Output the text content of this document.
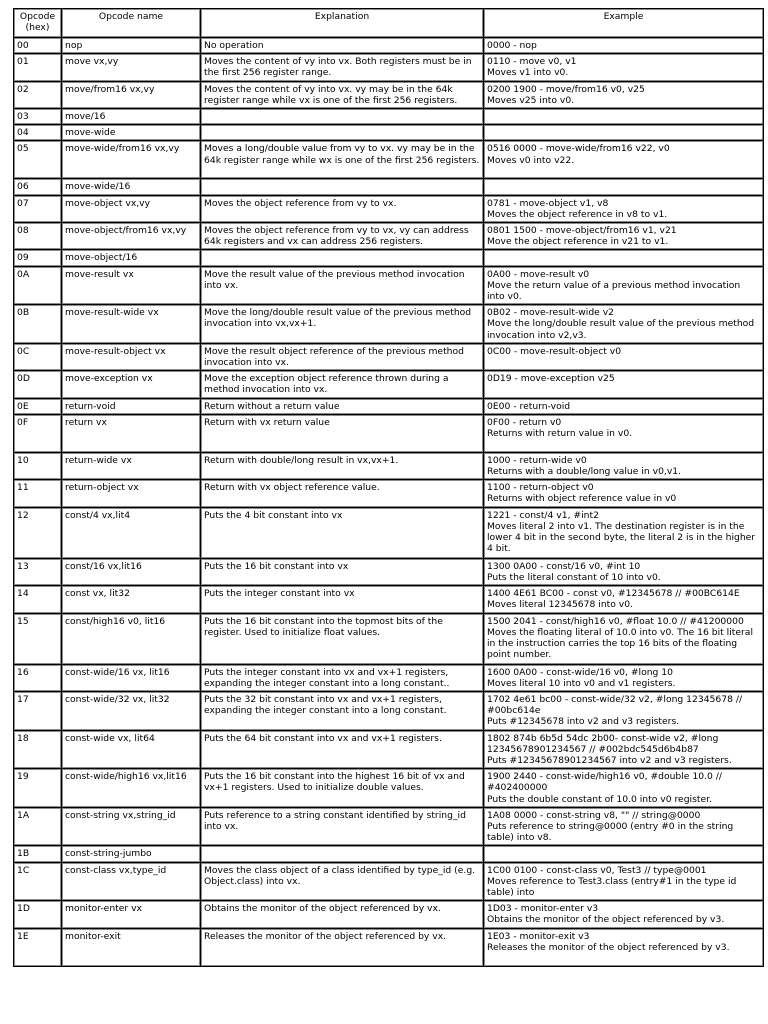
Opcode
(hex)	Opcode name	Explanation	Example

00	nop	No operation	0000 - nop

01	move vx,vy	Moves the content of vy into vx. Both registers must be in the first 256 register range.	0110 - move v0, v1
Moves v1 into v0.

02	move/from16 vx,vy	Moves the content of vy into vx. vy may be in the 64k register range while vx is one of the first 256 registers.	0200 1900 - move/from16 v0, v25
Moves v25 into v0.

03	move/16		

04	move-wide		

05	move-wide/from16 vx,vy	Moves a long/double value from vy to vx. vy may be in the 64k register range while wx is one of the first 256 registers.	0516 0000 - move-wide/from16 v22, v0
Moves v0 into v22.

06	move-wide/16		

07	move-object vx,vy	Moves the object reference from vy to vx.	0781 - move-object v1, v8
Moves the object reference in v8 to v1.

08	move-object/from16 vx,vy	Moves the object reference from vy to vx, vy can address 64k registers and vx can address 256 registers.	0801 1500 - move-object/from16 v1, v21
Move the object reference in v21 to v1.

09	move-object/16		

0A	move-result vx	Move the result value of the previous method invocation into vx.	0A00 - move-result v0
Move the return value of a previous method invocation into v0.

0B	move-result-wide vx	Move the long/double result value of the previous method invocation into vx,vx+1.	0B02 - move-result-wide v2
Move the long/double result value of the previous method invocation into v2,v3.

0C	move-result-object vx	Move the result object reference of the previous method invocation into vx.	0C00 - move-result-object v0

0D	move-exception vx	Move the exception object reference thrown during a method invocation into vx.	0D19 - move-exception v25

0E	return-void	Return without a return value	0E00 - return-void

0F	return vx	Return with vx return value	0F00 - return v0
Returns with return value in v0.

10	return-wide vx	Return with double/long result in vx,vx+1.	1000 - return-wide v0
Returns with a double/long value in v0,v1.

11	return-object vx	Return with vx object reference value.	1100 - return-object v0
Returns with object reference value in v0

12	const/4 vx,lit4	Puts the 4 bit constant into vx	1221 - const/4 v1, #int2
Moves literal 2 into v1. The destination register is in the lower 4 bit in the second byte, the literal 2 is in the higher 4 bit.

13	const/16 vx,lit16	Puts the 16 bit constant into vx	1300 0A00 - const/16 v0, #int 10
Puts the literal constant of 10 into v0.

14	const vx, lit32	Puts the integer constant into vx	1400 4E61 BC00 - const v0, #12345678 // #00BC614E
Moves literal 12345678 into v0.

15	const/high16 v0, lit16	Puts the 16 bit constant into the topmost bits of the register. Used to initialize float values.	1500 2041 - const/high16 v0, #float 10.0 // #41200000
Moves the floating literal of 10.0 into v0. The 16 bit literal in the instruction carries the top 16 bits of the floating point number.

16	const-wide/16 vx, lit16	Puts the integer constant into vx and vx+1 registers, expanding the integer constant into a long constant..	1600 0A00 - const-wide/16 v0, #long 10
Moves literal 10 into v0 and v1 registers.

17	const-wide/32 vx, lit32	Puts the 32 bit constant into vx and vx+1 registers, expanding the integer constant into a long constant.	1702 4e61 bc00 - const-wide/32 v2, #long 12345678 // #00bc614e
Puts #12345678 into v2 and v3 registers.

18	const-wide vx, lit64	Puts the 64 bit constant into vx and vx+1 registers.	1802 874b 6b5d 54dc 2b00- const-wide v2, #long 12345678901234567 // #002bdc545d6b4b87
Puts #12345678901234567 into v2 and v3 registers.

19	const-wide/high16 vx,lit16	Puts the 16 bit constant into the highest 16 bit of vx and vx+1 registers. Used to initialize double values.	1900 2440 - const-wide/high16 v0, #double 10.0 // #402400000
Puts the double constant of 10.0 into v0 register.

1A	const-string vx,string_id	Puts reference to a string constant identified by string_id into vx.	1A08 0000 - const-string v8, "" // string@0000
Puts reference to string@0000 (entry #0 in the string table) into v8.

1B	const-string-jumbo		

1C	const-class vx,type_id	Moves the class object of a class identified by type_id (e.g. Object.class) into vx.	1C00 0100 - const-class v0, Test3 // type@0001
Moves reference to Test3.class (entry#1 in the type id table) into

1D	monitor-enter vx	Obtains the monitor of the object referenced by vx.	1D03 - monitor-enter v3
Obtains the monitor of the object referenced by v3.

1E	monitor-exit	Releases the monitor of the object referenced by vx.	1E03 - monitor-exit v3
Releases the monitor of the object referenced by v3.
